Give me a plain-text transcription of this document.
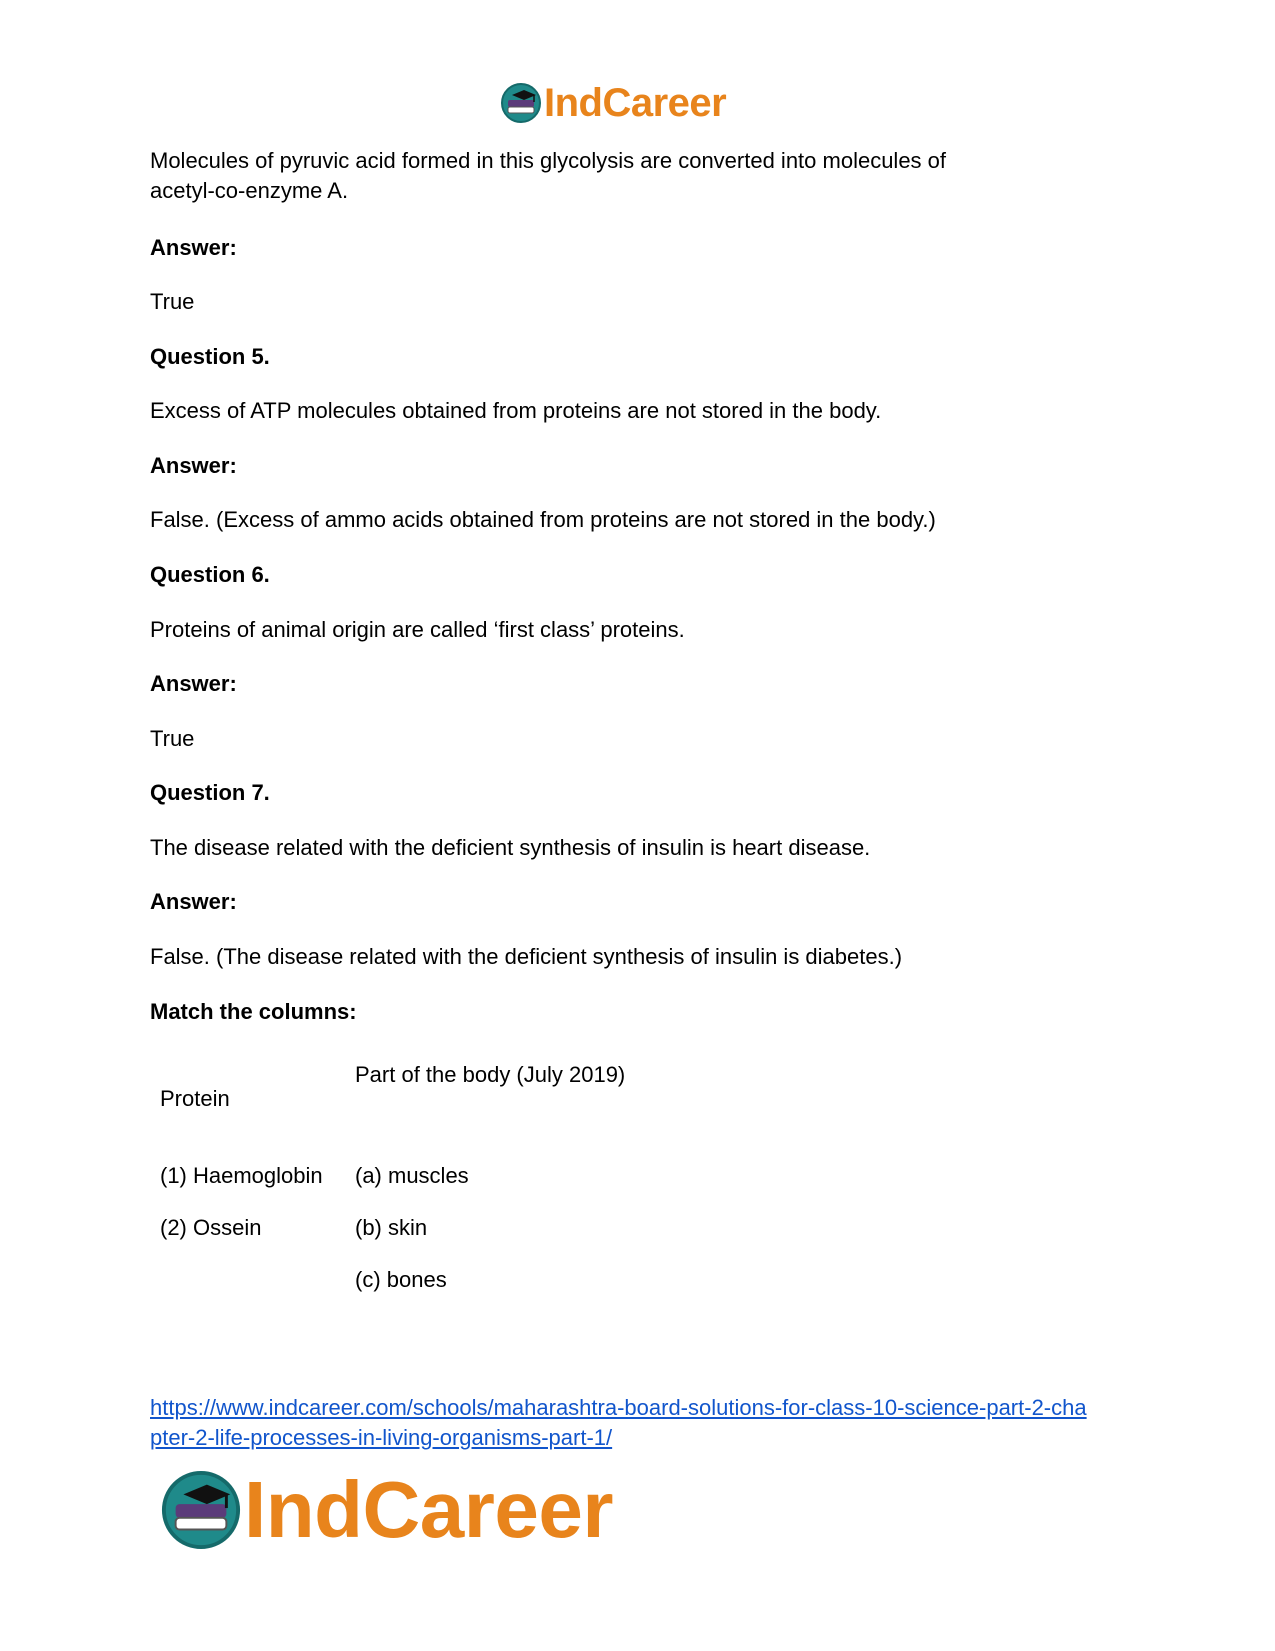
IndCareer
Molecules of pyruvic acid formed in this glycolysis are converted into molecules of
acetyl-co-enzyme A.
Answer:
True
Question 5.
Excess of ATP molecules obtained from proteins are not stored in the body.
Answer:
False. (Excess of ammo acids obtained from proteins are not stored in the body.)
Question 6.
Proteins of animal origin are called ‘first class’ proteins.
Answer:
True
Question 7.
The disease related with the deficient synthesis of insulin is heart disease.
Answer:
False. (The disease related with the deficient synthesis of insulin is diabetes.)
Match the columns:
Protein
Part of the body (July 2019)
(1) Haemoglobin
(2) Ossein
(a) muscles
(b) skin
(c) bones
https://www.indcareer.com/schools/maharashtra-board-solutions-for-class-10-science-part-2-cha
pter-2-life-processes-in-living-organisms-part-1/
IndCareer
